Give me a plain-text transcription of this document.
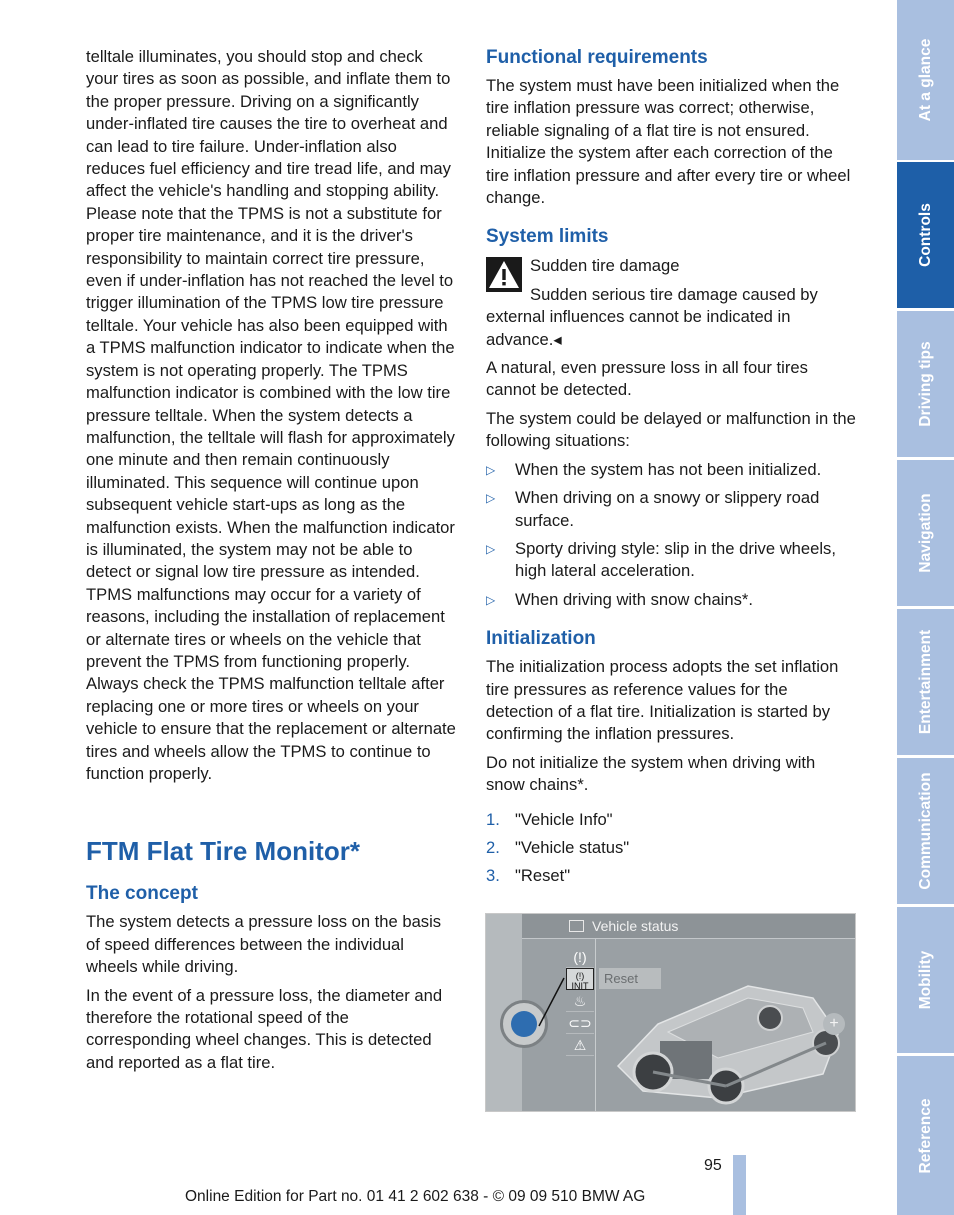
telltale illuminates, you should stop and check your tires as soon as possible, and inflate them to the proper pressure. Driving on a significantly under-inflated tire causes the tire to overheat and can lead to tire failure. Under-inflation also reduces fuel efficiency and tire tread life, and may affect the vehicle's handling and stopping ability. Please note that the TPMS is not a substitute for proper tire maintenance, and it is the driver's responsibility to maintain correct tire pressure, even if under-inflation has not reached the level to trigger illumination of the TPMS low tire pressure telltale. Your vehicle has also been equipped with a TPMS malfunction indicator to indicate when the system is not operating properly. The TPMS malfunction indicator is combined with the low tire pressure telltale. When the system detects a malfunction, the telltale will flash for approximately one minute and then remain continuously illuminated. This sequence will continue upon subsequent vehicle start-ups as long as the malfunction exists. When the malfunction indicator is illuminated, the system may not be able to detect or signal low tire pressure as intended. TPMS malfunctions may occur for a variety of reasons, including the installation of replacement or alternate tires or wheels on the vehicle that prevent the TPMS from functioning properly. Always check the TPMS malfunction telltale after replacing one or more tires or wheels on your vehicle to ensure that the replacement or alternate tires and wheels allow the TPMS to continue to function properly.

FTM Flat Tire Monitor*
The concept

The system detects a pressure loss on the basis of speed differences between the individual wheels while driving.

In the event of a pressure loss, the diameter and therefore the rotational speed of the corresponding wheel changes. This is detected and reported as a flat tire.

Functional requirements

The system must have been initialized when the tire inflation pressure was correct; otherwise, reliable signaling of a flat tire is not ensured. Initialize the system after each correction of the tire inflation pressure and after every tire or wheel change.

System limits

Sudden tire damage

Sudden serious tire damage caused by external influences cannot be indicated in advance.◂

A natural, even pressure loss in all four tires cannot be detected.

The system could be delayed or malfunction in the following situations:

▷ When the system has not been initialized.
▷ When driving on a snowy or slippery road surface.
▷ Sporty driving style: slip in the drive wheels, high lateral acceleration.
▷ When driving with snow chains*.
Initialization

The initialization process adopts the set inflation tire pressures as reference values for the detection of a flat tire. Initialization is started by confirming the inflation pressures.

Do not initialize the system when driving with snow chains*.

1. "Vehicle Info"
2. "Vehicle status"
3. "Reset"
Vehicle status
(!)
(!)
INIT
♨
⊂⊃
⚠
Reset
+
At a glance
Controls
Driving tips
Navigation
Entertainment
Communication
Mobility
Reference
95
Online Edition for Part no. 01 41 2 602 638 - © 09 09 510 BMW AG
